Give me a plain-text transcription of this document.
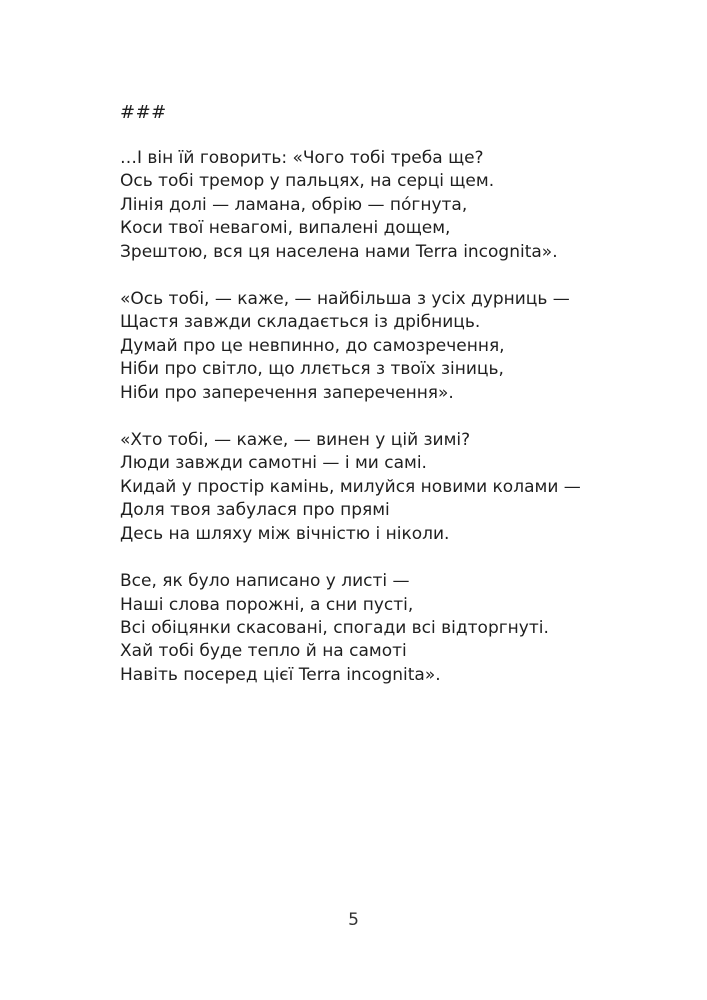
###

…І він їй говорить: «Чого тобі треба ще?
Ось тобі тремор у пальцях, на серці щем.
Лінія долі — ламана, обрію — пóгнута,
Коси твої невагомі, випалені дощем,
Зрештою, вся ця населена нами Terra incognita».
«Ось тобі, — каже, — найбільша з усіх дурниць —
Щастя завжди складається із дрібниць.
Думай про це невпинно, до самозречення,
Ніби про світло, що ллється з твоїх зіниць,
Ніби про заперечення заперечення».
«Хто тобі, — каже, — винен у цій зимі?
Люди завжди самотні — і ми самі.
Кидай у простір камінь, милуйся новими колами —
Доля твоя забулася про прямі
Десь на шляху між вічністю і ніколи.
Все, як було написано у листі —
Наші слова порожні, а сни пусті,
Всі обіцянки скасовані, спогади всі відторгнуті.
Хай тобі буде тепло й на самоті
Навіть посеред цієї Terra incognita».
5
